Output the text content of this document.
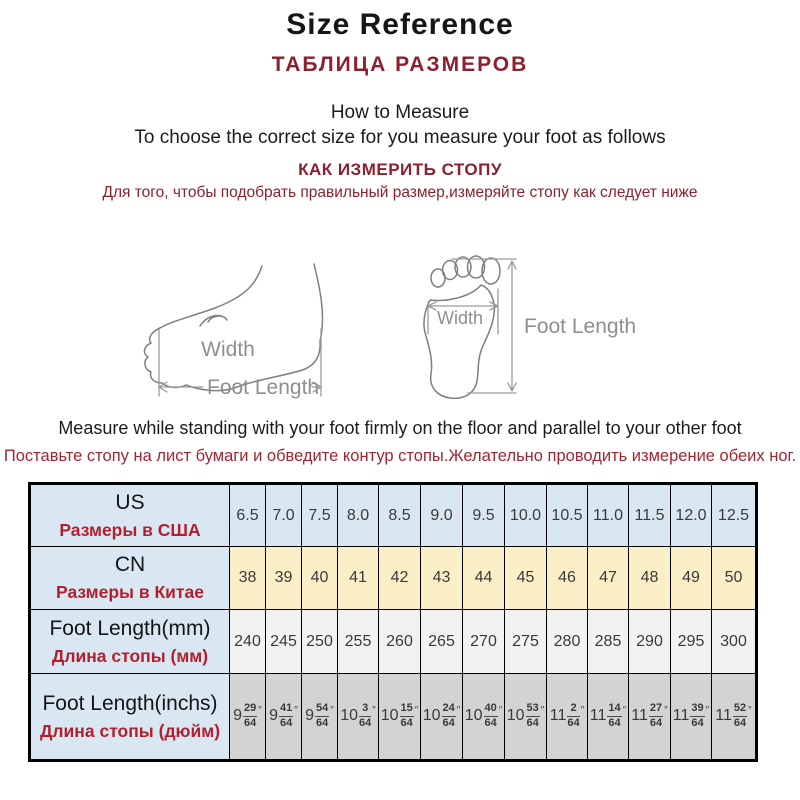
Size Reference
ТАБЛИЦА РАЗМЕРОВ
How to Measure
To choose the correct size for you measure your foot as follows
КАК ИЗМЕРИТЬ СТОПУ
Для того, чтобы подобрать правильный размер,измеряйте стопу как следует ниже
Width
Foot Length
Width Foot Length
Measure while standing with your foot firmly on the floor and parallel to your other foot
Поставьте стопу на лист бумаги и обведите контур стопы.Желательно проводить измерение обеих ног.
US
Размеры в США	6.5	7.0	7.5	8.0	8.5	9.0	9.5	10.0	10.5	11.0	11.5	12.0	12.5

CN
Размеры в Китае	38	39	40	41	42	43	44	45	46	47	48	49	50

Foot Length(mm)
Длина стопы (мм)	240	245	250	255	260	265	270	275	280	285	290	295	300

Foot Length(inchs)
Длина стопы (дюйм)
	$9 \frac{29}{64} ''$	$9 \frac{41}{64} ''$	$9 \frac{54}{64} ''$	$10 \frac{3}{64} ''$	$10 \frac{15}{64} ''$	$10 \frac{24}{64} ''$	$10 \frac{40}{64} ''$	$10 \frac{53}{64} ''$	$11 \frac{2}{64} ''$	$11 \frac{14}{64} ''$	$11 \frac{27}{64} ''$	$11 \frac{39}{64} ''$	$11 \frac{52}{64} ''$
